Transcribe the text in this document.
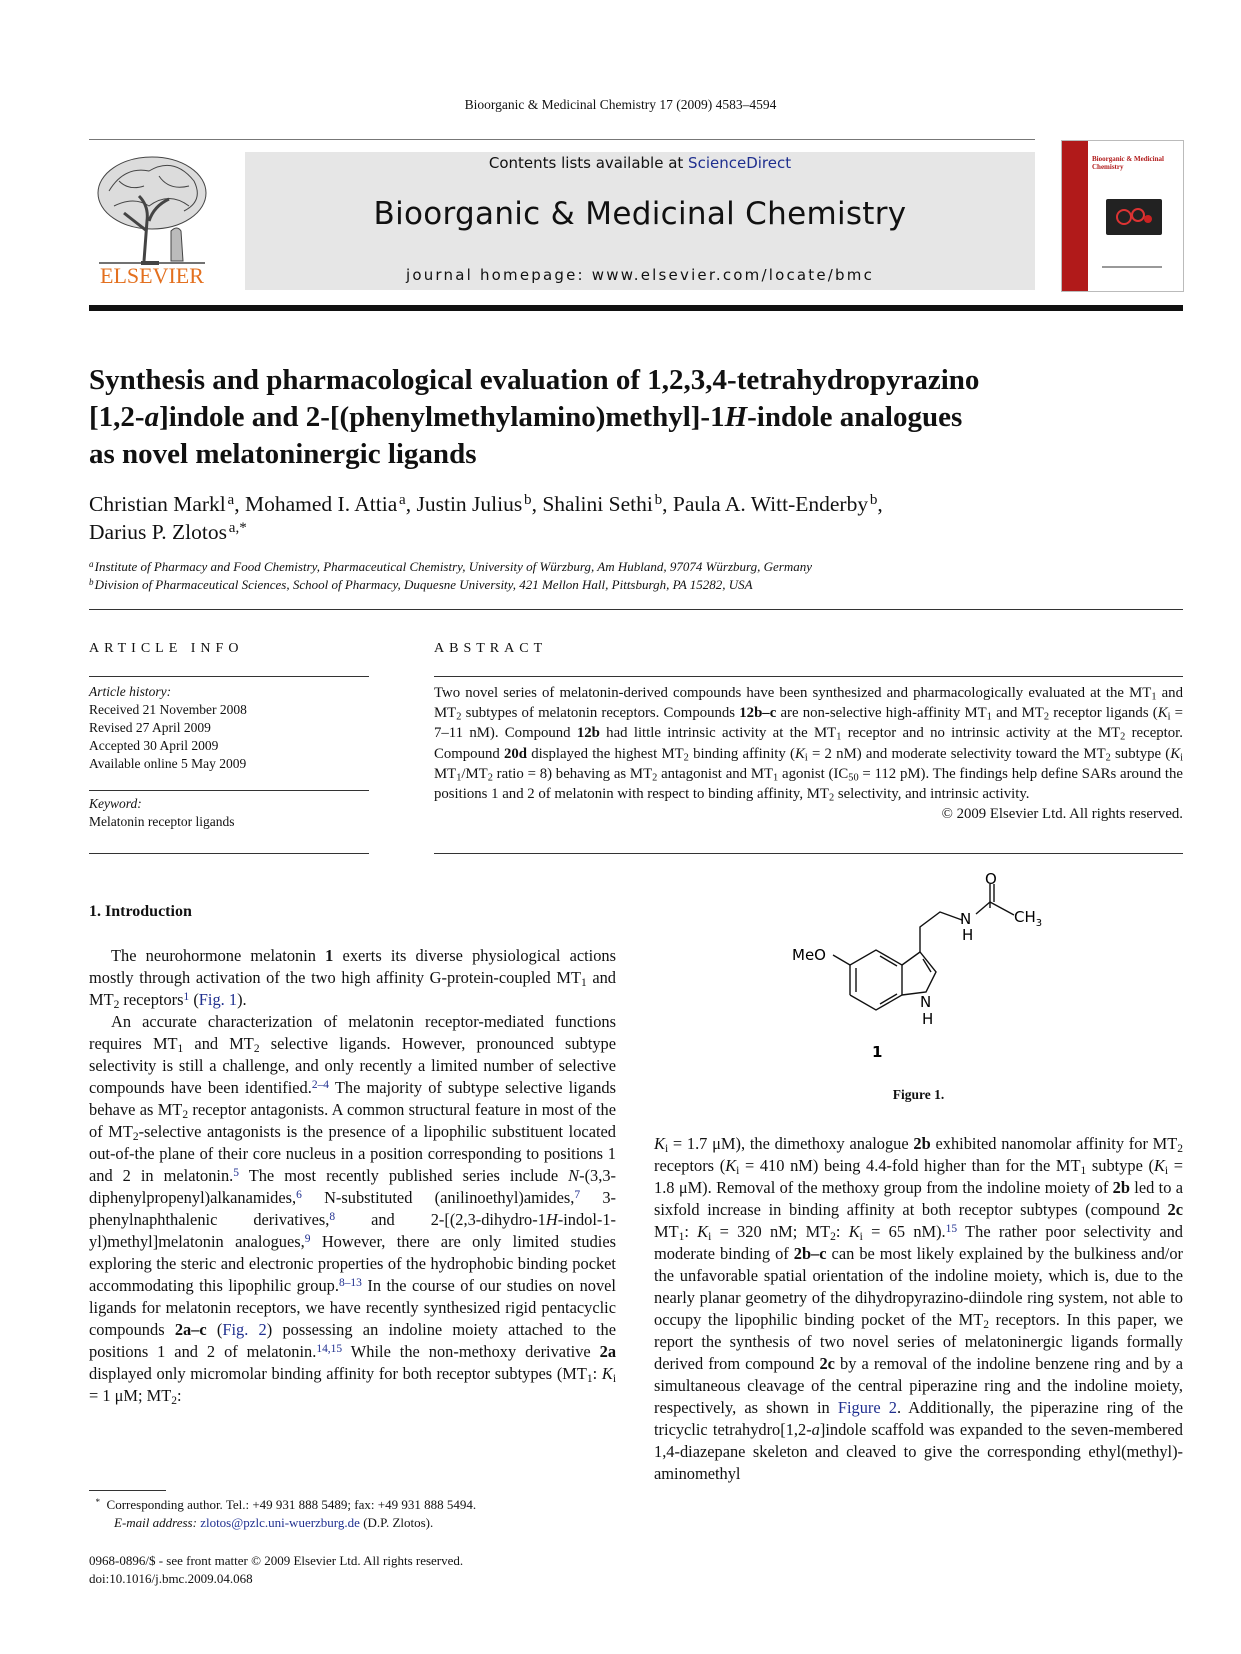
Bioorganic & Medicinal Chemistry 17 (2009) 4583–4594
ELSEVIER
Contents lists available at ScienceDirect
Bioorganic & Medicinal Chemistry
journal homepage: www.elsevier.com/locate/bmc
Bioorganic & Medicinal Chemistry
Synthesis and pharmacological evaluation of 1,2,3,4-tetrahydropyrazino
[1,2-a]indole and 2-[(phenylmethylamino)methyl]-1H-indole analogues
as novel melatoninergic ligands
Christian Markl  $^a$, Mohamed I. Attia  $^a$, Justin Julius  $^b$, Shalini Sethi  $^b$, Paula A. Witt-Enderby  $^b$,
Darius P. Zlotos  $^{a,*}$
$^a$ Institute of Pharmacy and Food Chemistry, Pharmaceutical Chemistry, University of Würzburg, Am Hubland, 97074 Würzburg, Germany
$^b$ Division of Pharmaceutical Sciences, School of Pharmacy, Duquesne University, 421 Mellon Hall, Pittsburgh, PA 15282, USA
ARTICLE INFO	ABSTRACT
Article history:
Received 21 November 2008
Revised 27 April 2009
Accepted 30 April 2009
Available online 5 May 2009
Keyword:
Melatonin receptor ligands
Two novel series of melatonin-derived compounds have been synthesized and pharmacologically evaluated at the $MT_1$ and $MT_2$ subtypes of melatonin receptors. Compounds 12b–c are non-selective high-affinity $MT_1$ and $MT_2$ receptor ligands ($K_i = 7-11$ nM). Compound 12b had little intrinsic activity at the $MT_1$ receptor and no intrinsic activity at the $MT_2$ receptor. Compound 20d displayed the highest $MT_2$ binding affinity ($K_i = 2$ nM) and moderate selectivity toward the $MT_2$ subtype ($K_i$ $MT_1/MT_2$ ratio = 8) behaving as $MT_2$ antagonist and $MT_1$ agonist ($IC_{50} = 112$ pM). The findings help define SARs around the positions 1 and 2 of melatonin with respect to binding affinity, $MT_2$ selectivity, and intrinsic activity.
© 2009 Elsevier Ltd. All rights reserved.
1. Introduction

The neurohormone melatonin 1 exerts its diverse physiological actions mostly through activation of the two high affinity G-protein-coupled $MT_1$ and $MT_2$ receptors$^1$ (Fig. 1).

An accurate characterization of melatonin receptor-mediated functions requires $MT_1$ and $MT_2$ selective ligands. However, pronounced subtype selectivity is still a challenge, and only recently a limited number of selective compounds have been identified.$^{2-4}$ The majority of subtype selective ligands behave as $MT_2$ receptor antagonists. A common structural feature in most of the of $MT_2$-selective antagonists is the presence of a lipophilic substituent located out-of-the plane of their core nucleus in a position corresponding to positions 1 and 2 in melatonin.$^5$ The most recently published series include N-(3,3-diphenylpropenyl)alkanamides,$^6$ N-substituted (anilinoethyl)amides,$^7$ 3-phenylnaphthalenic derivatives,$^8$ and 2-[(2,3-dihydro-1H-indol-1-yl)methyl]melatonin analogues,$^9$ However, there are only limited studies exploring the steric and electronic properties of the hydrophobic binding pocket accommodating this lipophilic group.$^{8-13}$ In the course of our studies on novel ligands for melatonin receptors, we have recently synthesized rigid pentacyclic compounds 2a–c (Fig. 2) possessing an indoline moiety attached to the positions 1 and 2 of melatonin.$^{14,15}$ While the non-methoxy derivative 2a displayed only micromolar binding affinity for both receptor subtypes ($MT_1$: $K_i = 1$ μM; $MT_2$:

MeO
N
H
O
$CH_3$
N
H
1
Figure 1.

$K_i = 1.7$ μM), the dimethoxy analogue 2b exhibited nanomolar affinity for $MT_2$ receptors ($K_i = 410$ nM) being 4.4-fold higher than for the $MT_1$ subtype ($K_i = 1.8$ μM). Removal of the methoxy group from the indoline moiety of 2b led to a sixfold increase in binding affinity at both receptor subtypes (compound 2c $MT_1$: $K_i = 320$ nM; $MT_2$: $K_i = 65$ nM).$^{15}$ The rather poor selectivity and moderate binding of 2b–c can be most likely explained by the bulkiness and/or the unfavorable spatial orientation of the indoline moiety, which is, due to the nearly planar geometry of the dihydropyrazino-diindole ring system, not able to occupy the lipophilic binding pocket of the $MT_2$ receptors. In this paper, we report the synthesis of two novel series of melatoninergic ligands formally derived from compound 2c by a removal of the indoline benzene ring and by a simultaneous cleavage of the central piperazine ring and the indoline moiety, respectively, as shown in Figure 2. Additionally, the piperazine ring of the tricyclic tetrahydro[1,2-a]indole scaffold was expanded to the seven-membered 1,4-diazepane skeleton and cleaved to give the corresponding ethyl(methyl)-aminomethyl

* Corresponding author. Tel.: +49 931 888 5489; fax: +49 931 888 5494.
E-mail address: zlotos@pzlc.uni-wuerzburg.de (D.P. Zlotos).
0968-0896/$ - see front matter © 2009 Elsevier Ltd. All rights reserved.
doi:10.1016/j.bmc.2009.04.068
